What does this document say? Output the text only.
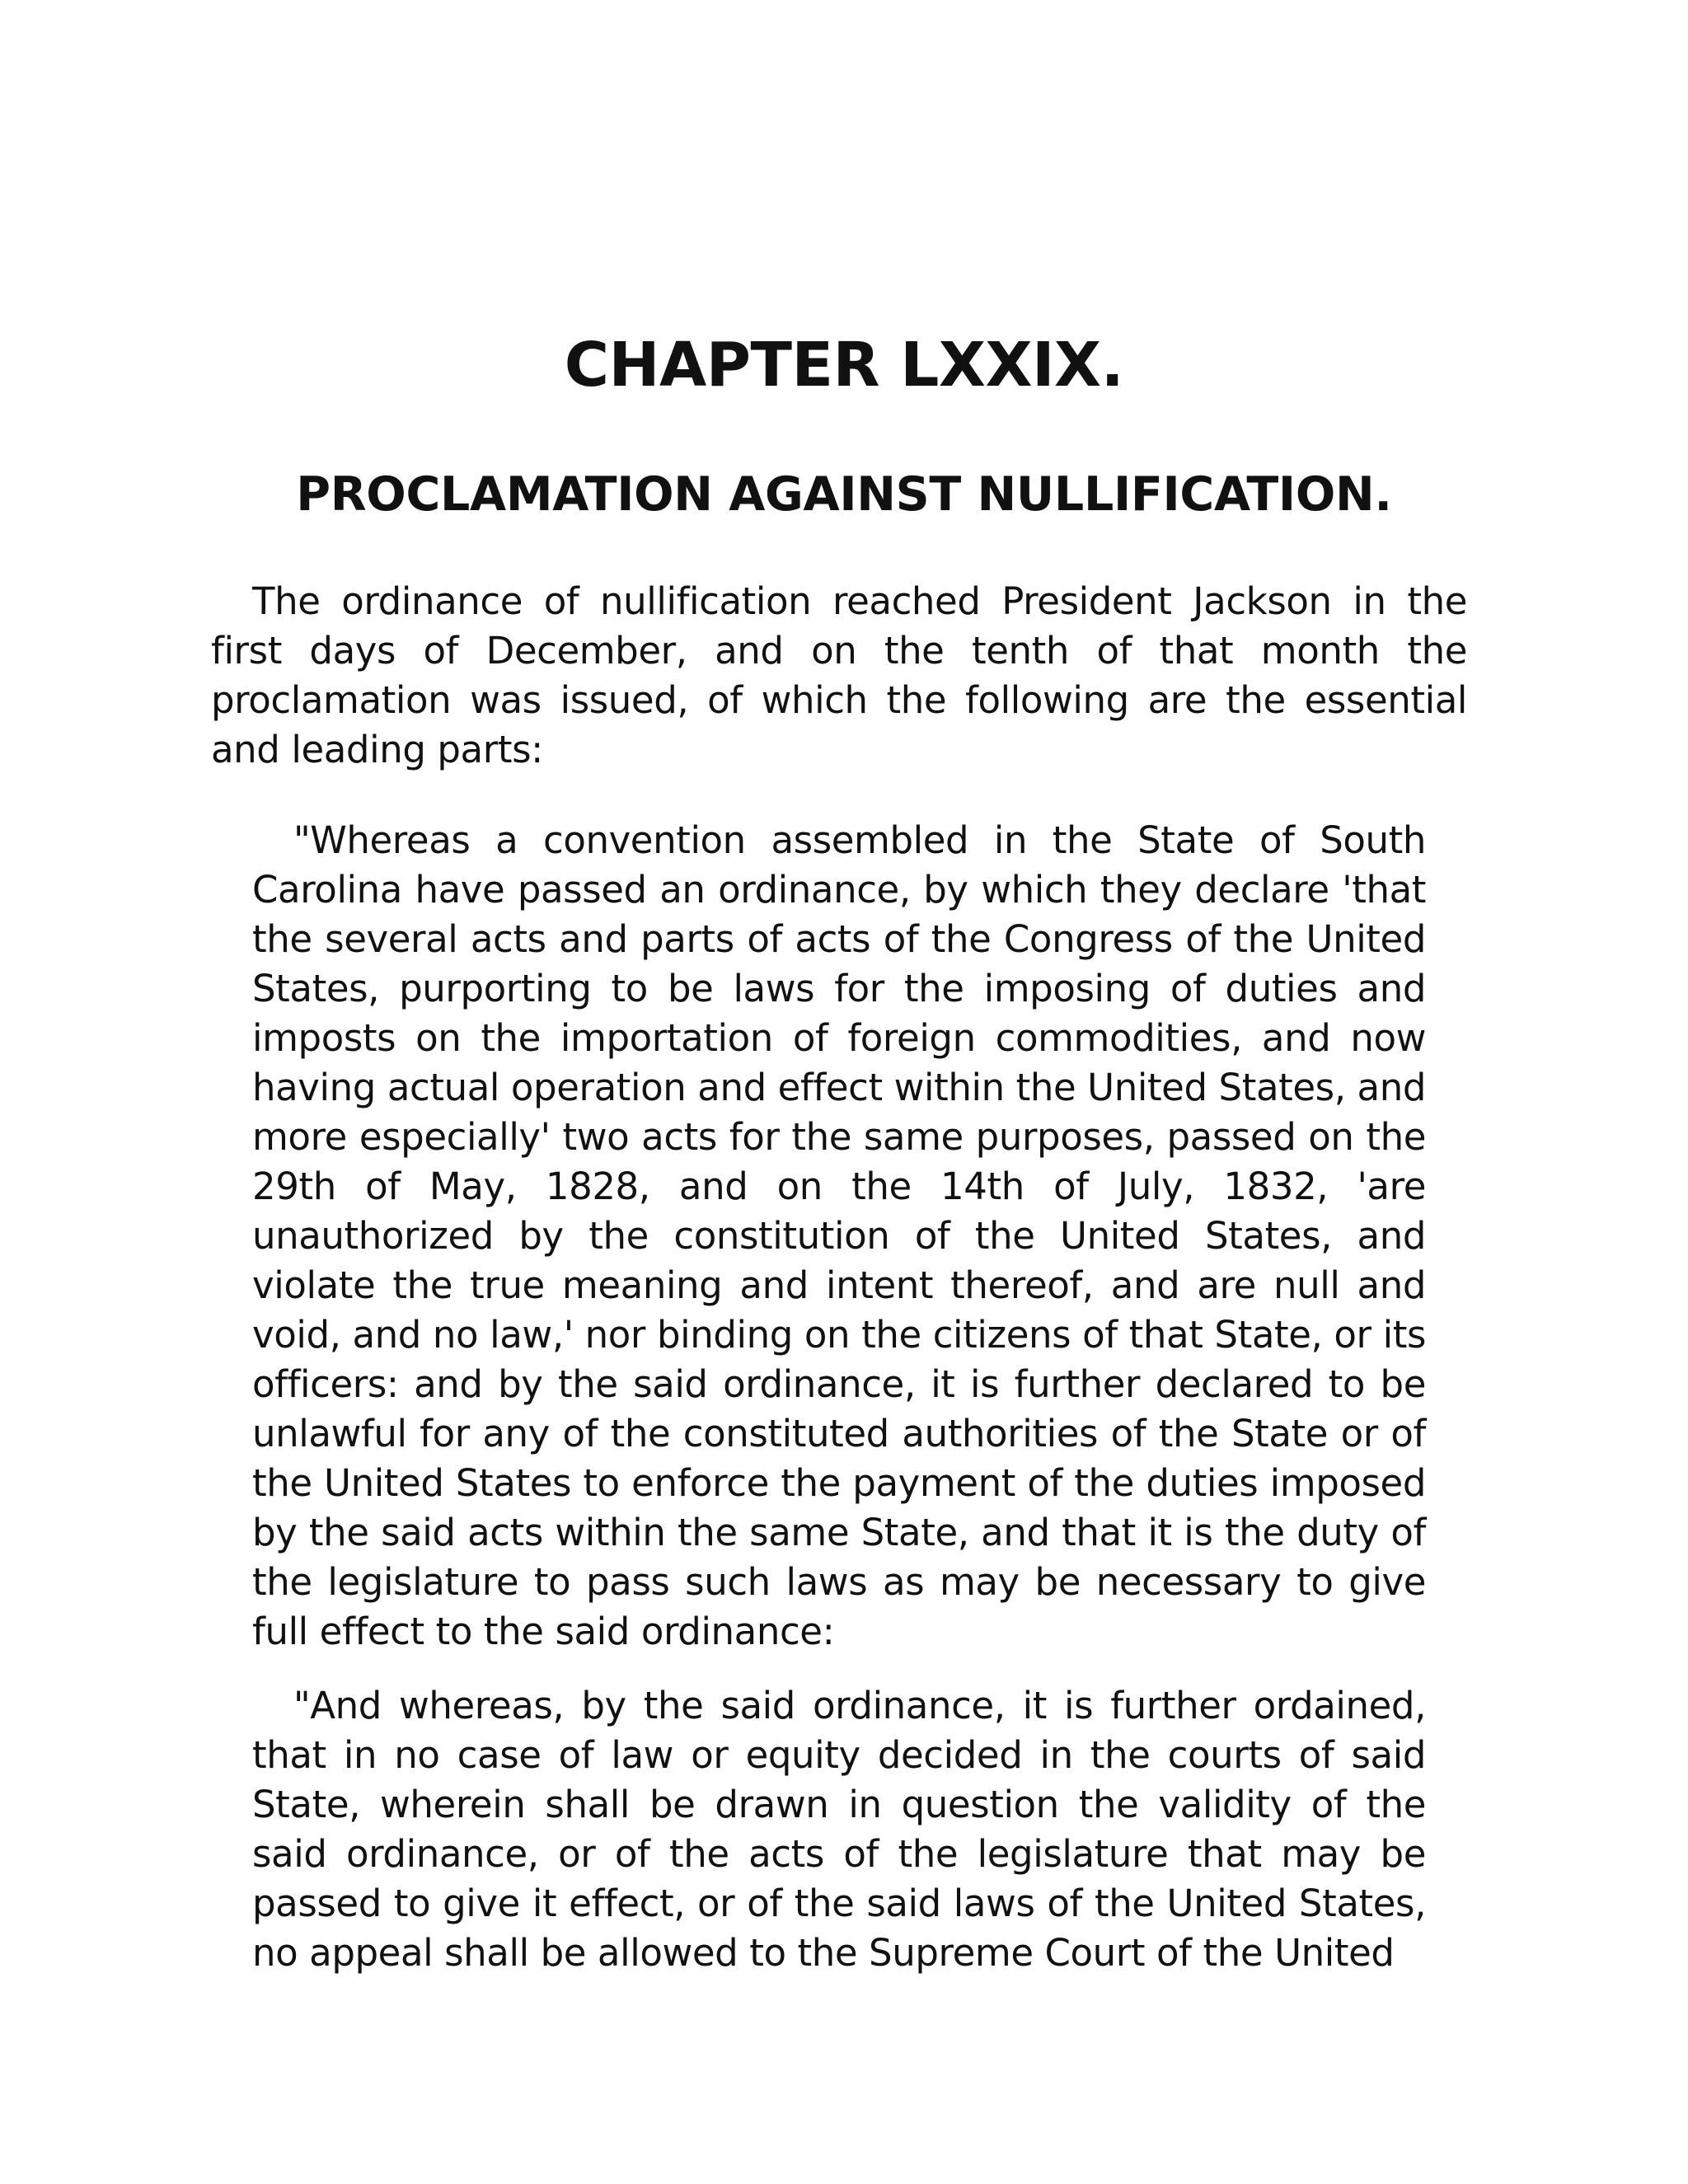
CHAPTER LXXIX.
PROCLAMATION AGAINST NULLIFICATION.

The ordinance of nullification reached President Jackson in the first days of December, and on the tenth of that month the proclamation was issued, of which the following are the essential and leading parts:

"Whereas a convention assembled in the State of South Carolina have passed an ordinance, by which they declare 'that the several acts and parts of acts of the Congress of the United States, purporting to be laws for the imposing of duties and imposts on the importation of foreign commodities, and now having actual operation and effect within the United States, and more especially' two acts for the same purposes, passed on the 29th of May, 1828, and on the 14th of July, 1832, 'are unauthorized by the constitution of the United States, and violate the true meaning and intent thereof, and are null and void, and no law,' nor binding on the citizens of that State, or its officers: and by the said ordinance, it is further declared to be unlawful for any of the constituted authorities of the State or of the United States to enforce the payment of the duties imposed by the said acts within the same State, and that it is the duty of the legislature to pass such laws as may be necessary to give full effect to the said ordinance:

"And whereas, by the said ordinance, it is further ordained, that in no case of law or equity decided in the courts of said State, wherein shall be drawn in question the validity of the said ordinance, or of the acts of the legislature that may be passed to give it effect, or of the said laws of the United States, no appeal shall be allowed to the Supreme Court of the United
